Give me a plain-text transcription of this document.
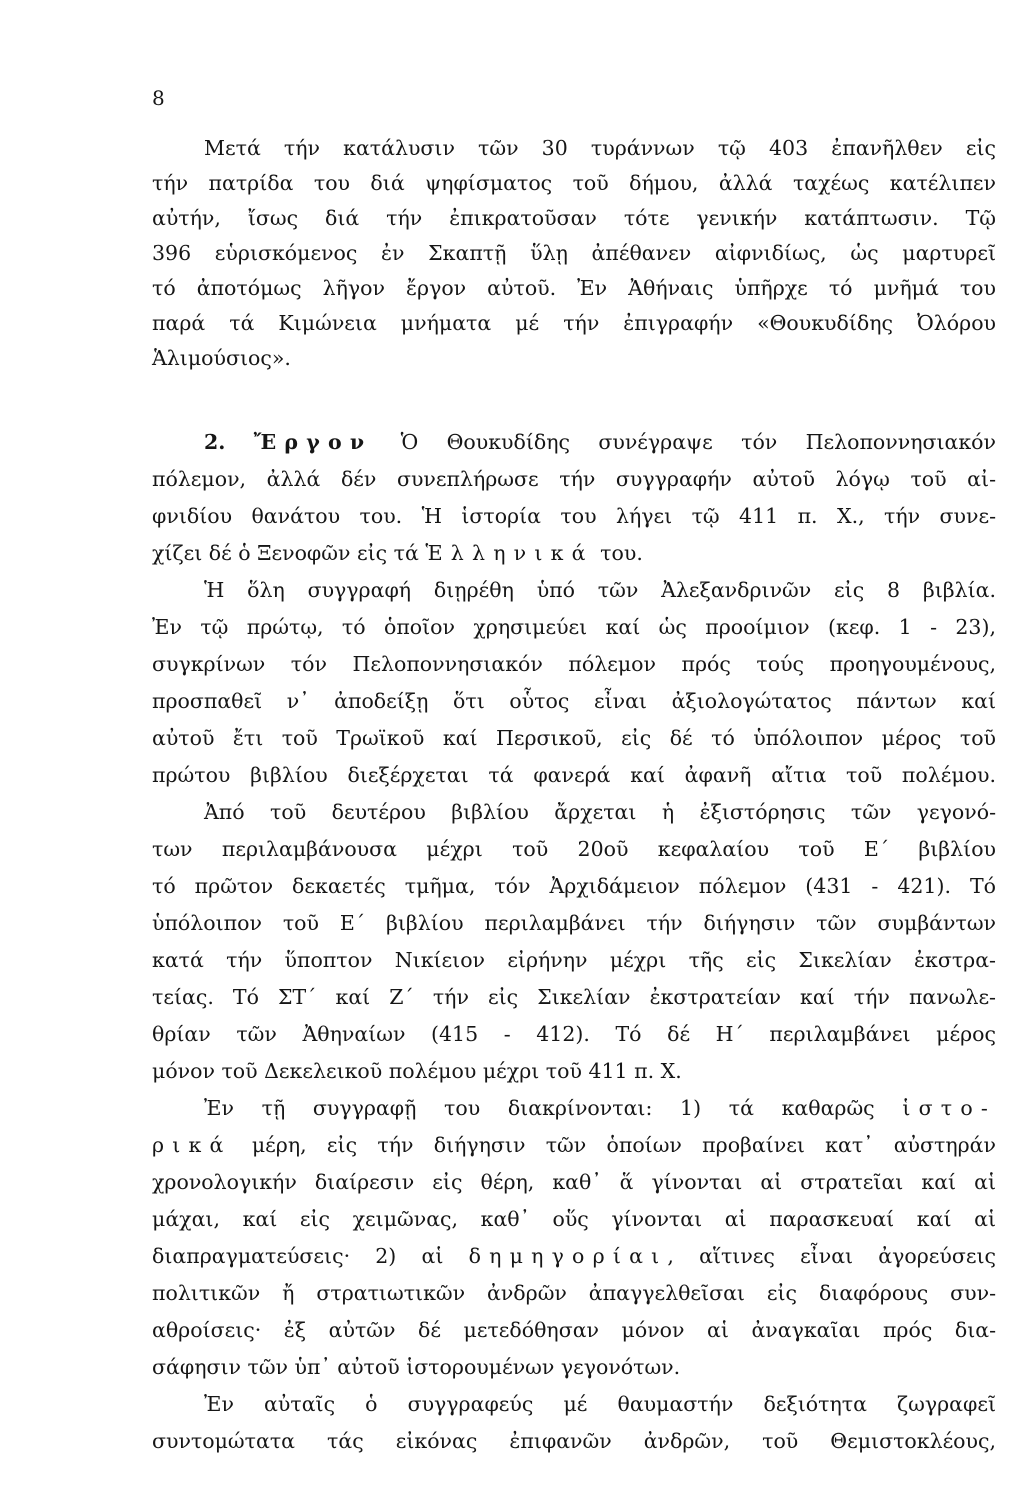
8
Μετά τήν κατάλυσιν τῶν 30 τυράννων τῷ 403 ἐπανῆλθεν εἰς
τήν πατρίδα του διά ψηφίσματος τοῦ δήμου, ἀλλά ταχέως κατέλιπεν
αὐτήν, ἴσως διά τήν ἐπικρατοῦσαν τότε γενικήν κατάπτωσιν. Τῷ
396 εὑρισκόμενος ἐν Σκαπτῇ ὕλῃ ἀπέθανεν αἰφνιδίως, ὡς μαρτυρεῖ
τό ἀποτόμως λῆγον ἔργον αὐτοῦ. Ἐν Ἀθήναις ὑπῆρχε τό μνῆμά του
παρά τά Κιμώνεια μνήματα μέ τήν ἐπιγραφήν «Θουκυδίδης Ὀλόρου
Ἁλιμούσιος».
2. Ἔργον Ὁ Θουκυδίδης συνέγραψε τόν Πελοποννησιακόν
πόλεμον, ἀλλά δέν συνεπλήρωσε τήν συγγραφήν αὐτοῦ λόγῳ τοῦ αἰ-
φνιδίου θανάτου του. Ἡ ἱστορία του λήγει τῷ 411 π. Χ., τήν συνε-
χίζει δέ ὁ Ξενοφῶν εἰς τά Ἑλληνικά του.
Ἡ ὅλη συγγραφή διῃρέθη ὑπό τῶν Ἀλεξανδρινῶν εἰς 8 βιβλία.
Ἐν τῷ πρώτῳ, τό ὁποῖον χρησιμεύει καί ὡς προοίμιον (κεφ. 1 - 23),
συγκρίνων τόν Πελοποννησιακόν πόλεμον πρός τούς προηγουμένους,
προσπαθεῖ ν᾽ ἀποδείξῃ ὅτι οὗτος εἶναι ἀξιολογώτατος πάντων καί
αὐτοῦ ἔτι τοῦ Τρωϊκοῦ καί Περσικοῦ, εἰς δέ τό ὑπόλοιπον μέρος τοῦ
πρώτου βιβλίου διεξέρχεται τά φανερά καί ἀφανῆ αἴτια τοῦ πολέμου.
Ἀπό τοῦ δευτέρου βιβλίου ἄρχεται ἡ ἐξιστόρησις τῶν γεγονό-
των περιλαμβάνουσα μέχρι τοῦ 20οῦ κεφαλαίου τοῦ Ε΄ βιβλίου
τό πρῶτον δεκαετές τμῆμα, τόν Ἀρχιδάμειον πόλεμον (431 - 421). Τό
ὑπόλοιπον τοῦ Ε΄ βιβλίου περιλαμβάνει τήν διήγησιν τῶν συμβάντων
κατά τήν ὕποπτον Νικίειον εἰρήνην μέχρι τῆς εἰς Σικελίαν ἐκστρα-
τείας. Τό ΣΤ΄ καί Ζ΄ τήν εἰς Σικελίαν ἐκστρατείαν καί τήν πανωλε-
θρίαν τῶν Ἀθηναίων (415 - 412). Τό δέ Η΄ περιλαμβάνει μέρος
μόνον τοῦ Δεκελεικοῦ πολέμου μέχρι τοῦ 411 π. Χ.
Ἐν τῇ συγγραφῇ του διακρίνονται: 1) τά καθαρῶς ἱστο-
ρικά μέρη, εἰς τήν διήγησιν τῶν ὁποίων προβαίνει κατ᾽ αὐστηράν
χρονολογικήν διαίρεσιν εἰς θέρη, καθ᾽ ἅ γίνονται αἱ στρατεῖαι καί αἱ
μάχαι, καί εἰς χειμῶνας, καθ᾽ οὕς γίνονται αἱ παρασκευαί καί αἱ
διαπραγματεύσεις· 2) αἱ δημηγορίαι, αἵτινες εἶναι ἀγορεύσεις
πολιτικῶν ἤ στρατιωτικῶν ἀνδρῶν ἀπαγγελθεῖσαι εἰς διαφόρους συν-
αθροίσεις· ἐξ αὐτῶν δέ μετεδόθησαν μόνον αἱ ἀναγκαῖαι πρός δια-
σάφησιν τῶν ὑπ᾽ αὐτοῦ ἱστορουμένων γεγονότων.
Ἐν αὐταῖς ὁ συγγραφεύς μέ θαυμαστήν δεξιότητα ζωγραφεῖ
συντομώτατα τάς εἰκόνας ἐπιφανῶν ἀνδρῶν, τοῦ Θεμιστοκλέους,
